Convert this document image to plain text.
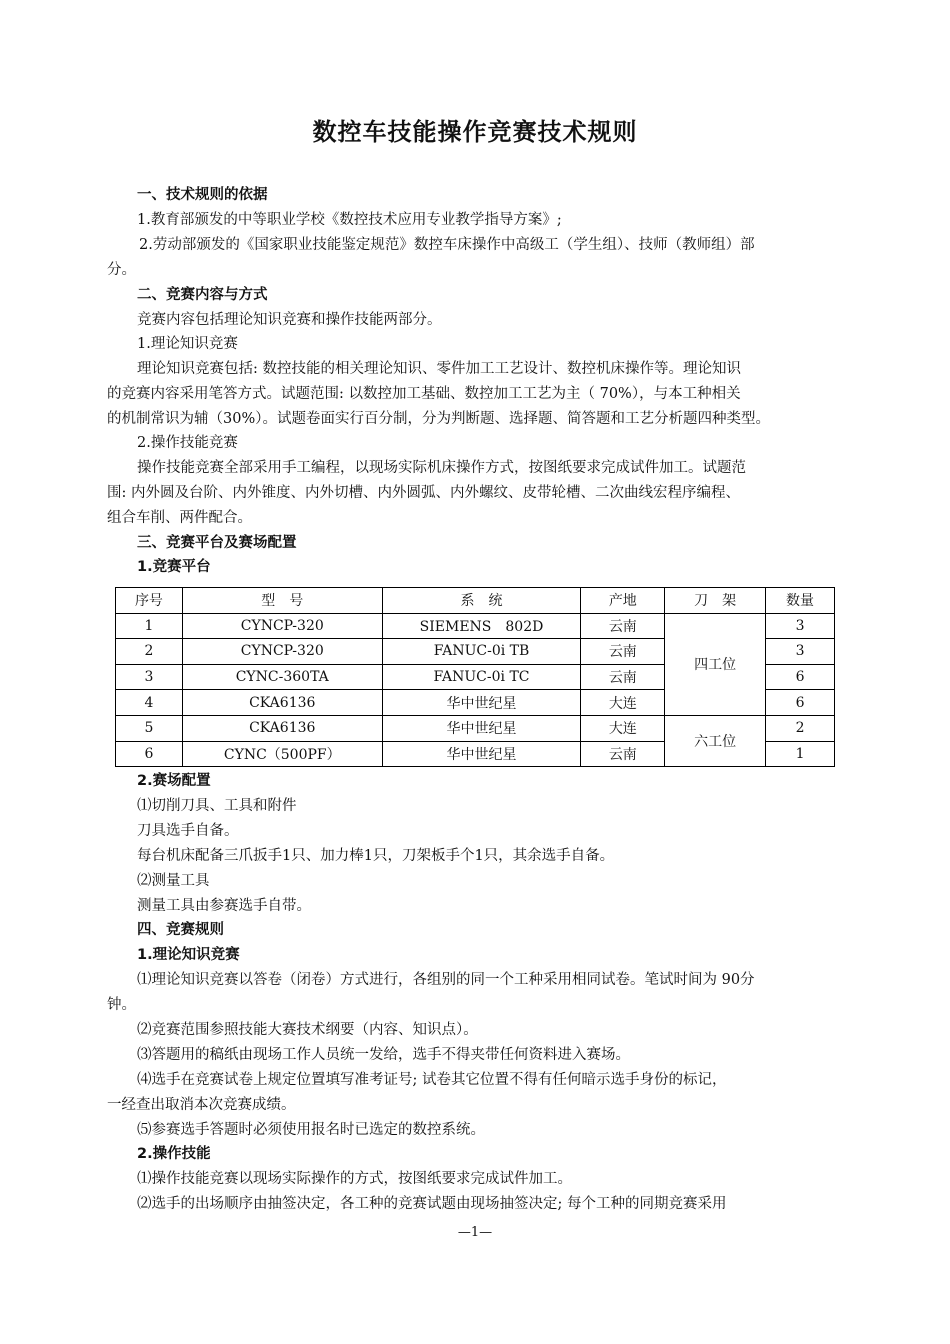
数控车技能操作竞赛技术规则
一、技术规则的依据
1.教育部颁发的中等职业学校《数控技术应用专业教学指导方案》;
2.劳动部颁发的《国家职业技能鉴定规范》数控车床操作中高级工（学生组）、技师（教师组）部
分。
二、竞赛内容与方式
竞赛内容包括理论知识竞赛和操作技能两部分。
1.理论知识竞赛
理论知识竞赛包括: 数控技能的相关理论知识、零件加工工艺设计、数控机床操作等。理论知识
的竞赛内容采用笔答方式。试题范围: 以数控加工基础、数控加工工艺为主（ 70%），与本工种相关
的机制常识为辅（30%）。试题卷面实行百分制，分为判断题、选择题、简答题和工艺分析题四种类型。
2.操作技能竞赛
操作技能竞赛全部采用手工编程，以现场实际机床操作方式，按图纸要求完成试件加工。试题范
围: 内外圆及台阶、内外锥度、内外切槽、内外圆弧、内外螺纹、皮带轮槽、二次曲线宏程序编程、
组合车削、两件配合。
三、竞赛平台及赛场配置
1.竞赛平台
序号	型　号	系　统	产地	刀　架	数量
1	CYNCP-320	SIEMENS　802D	云南	四工位	3
2	CYNCP-320	FANUC-0i TB	云南		3
3	CYNC-360TA	FANUC-0i TC	云南		6
4	CKA6136	华中世纪星	大连		6
5	CKA6136	华中世纪星	大连	六工位	2
6	CYNC（500PF）	华中世纪星	云南		1
2.赛场配置
⑴切削刀具、工具和附件
刀具选手自备。
每台机床配备三爪扳手1只、加力棒1只，刀架板手个1只，其余选手自备。
⑵测量工具
测量工具由参赛选手自带。
四、竞赛规则
1.理论知识竞赛
⑴理论知识竞赛以答卷（闭卷）方式进行，各组别的同一个工种采用相同试卷。笔试时间为 90分
钟。
⑵竞赛范围参照技能大赛技术纲要（内容、知识点）。
⑶答题用的稿纸由现场工作人员统一发给，选手不得夹带任何资料进入赛场。
⑷选手在竞赛试卷上规定位置填写准考证号; 试卷其它位置不得有任何暗示选手身份的标记，
一经查出取消本次竞赛成绩。
⑸参赛选手答题时必须使用报名时已选定的数控系统。
2.操作技能
⑴操作技能竞赛以现场实际操作的方式，按图纸要求完成试件加工。
⑵选手的出场顺序由抽签决定，各工种的竞赛试题由现场抽签决定; 每个工种的同期竞赛采用
—1—
